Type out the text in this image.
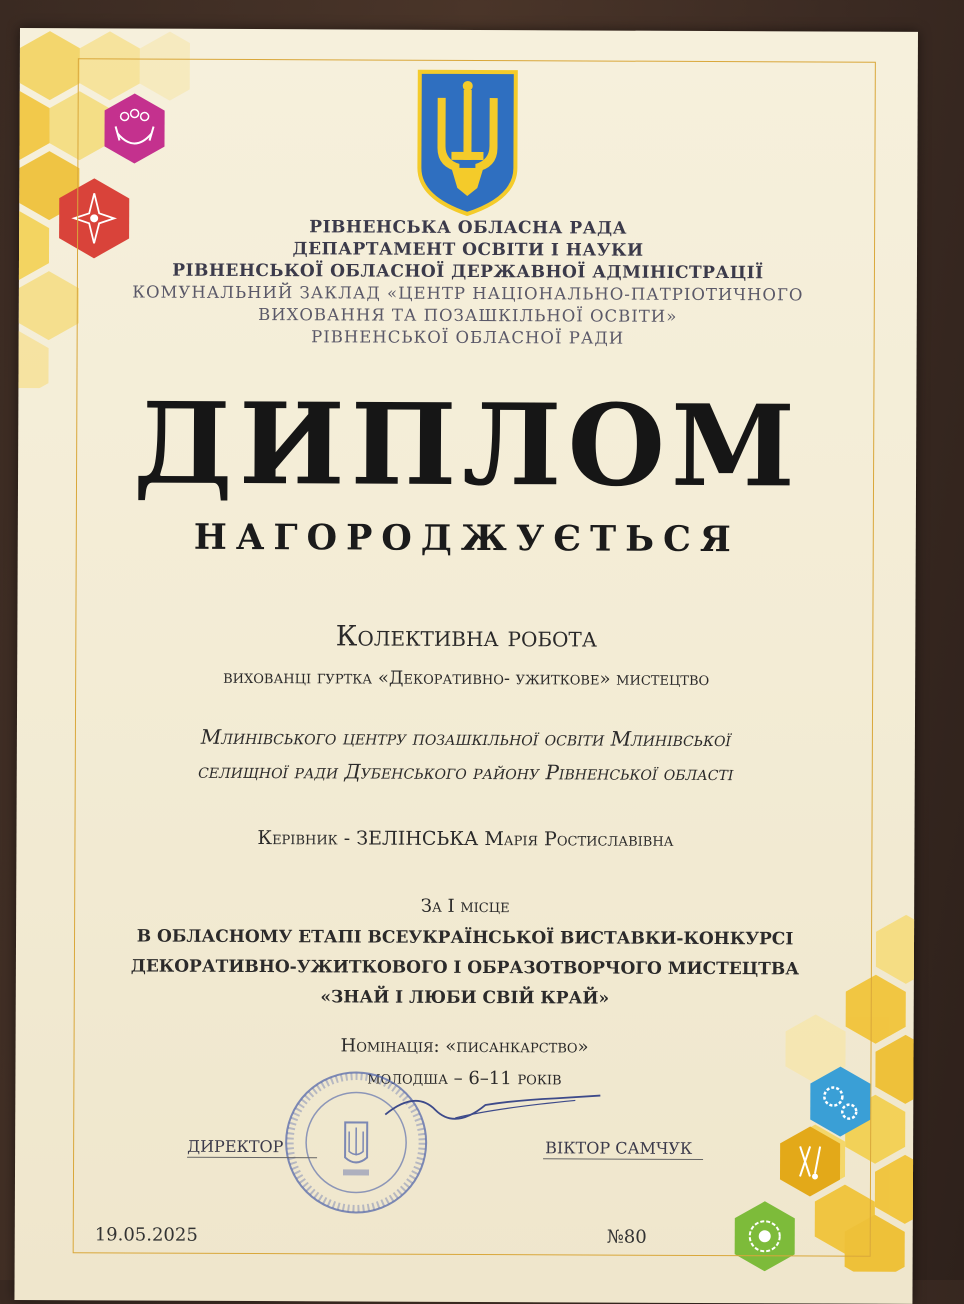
РІВНЕНСЬКА ОБЛАСНА РАДА
ДЕПАРТАМЕНТ ОСВІТИ І НАУКИ
РІВНЕНСЬКОЇ ОБЛАСНОЇ ДЕРЖАВНОЇ АДМІНІСТРАЦІЇ
КОМУНАЛЬНИЙ ЗАКЛАД «ЦЕНТР НАЦІОНАЛЬНО-ПАТРІОТИЧНОГО
ВИХОВАННЯ ТА ПОЗАШКІЛЬНОЇ ОСВІТИ»
РІВНЕНСЬКОЇ ОБЛАСНОЇ РАДИ
ДИПЛОМ
НАГОРОДЖУЄТЬСЯ
Колективна робота
вихованці гуртка «Декоративно- ужиткове» мистецтво
Млинівського центру позашкільної освіти Млинівської
селищної ради Дубенського району Рівненської області
Керівник - ЗЕЛІНСЬКА Марія Ростиславівна
За І місце
В ОБЛАСНОМУ ЕТАПІ ВСЕУКРАЇНСЬКОЇ ВИСТАВКИ-КОНКУРСІ
ДЕКОРАТИВНО-УЖИТКОВОГО І ОБРАЗОТВОРЧОГО МИСТЕЦТВА
«ЗНАЙ І ЛЮБИ СВІЙ КРАЙ»
Номінація: «писанкарство»
молодша – 6–11 років
ДИРЕКТОР	ВІКТОР САМЧУК
19.05.2025	№80
